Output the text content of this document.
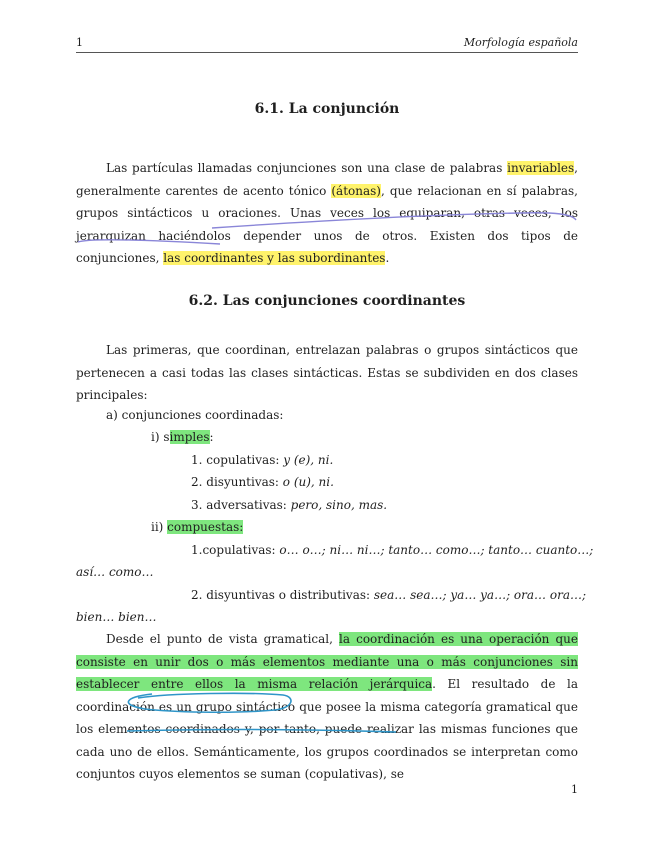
1	Morfología española
6.1. La conjunción

Las partículas llamadas conjunciones son una clase de palabras invariables, generalmente carentes de acento tónico (átonas), que relacionan en sí palabras, grupos sintácticos u oraciones. Unas veces los equiparan, otras veces, los jerarquizan haciéndolos depender unos de otros. Existen dos tipos de conjunciones, las coordinantes y las subordinantes.

6.2. Las conjunciones coordinantes

Las primeras, que coordinan, entrelazan palabras o grupos sintácticos que pertenecen a casi todas las clases sintácticas. Estas se subdividen en dos clases principales:

a) conjunciones coordinadas:
i) simples:
1. copulativas: y (e), ni.
2. disyuntivas: o (u), ni.
3. adversativas: pero, sino, mas.
ii) compuestas:
1.copulativas: o… o…; ni… ni…; tanto… como…; tanto… cuanto…;
así… como…
2. disyuntivas o distributivas: sea… sea…; ya… ya…; ora… ora…;
bien… bien…

Desde el punto de vista gramatical, la coordinación es una operación que consiste en unir dos o más elementos mediante una o más conjunciones sin establecer entre ellos la misma relación jerárquica. El resultado de la coordinación es un grupo sintáctico que posee la misma categoría gramatical que los elementos coordinados y, por tanto, puede realizar las mismas funciones que cada uno de ellos. Semánticamente, los grupos coordinados se interpretan como conjuntos cuyos elementos se suman (copulativas), se

1
